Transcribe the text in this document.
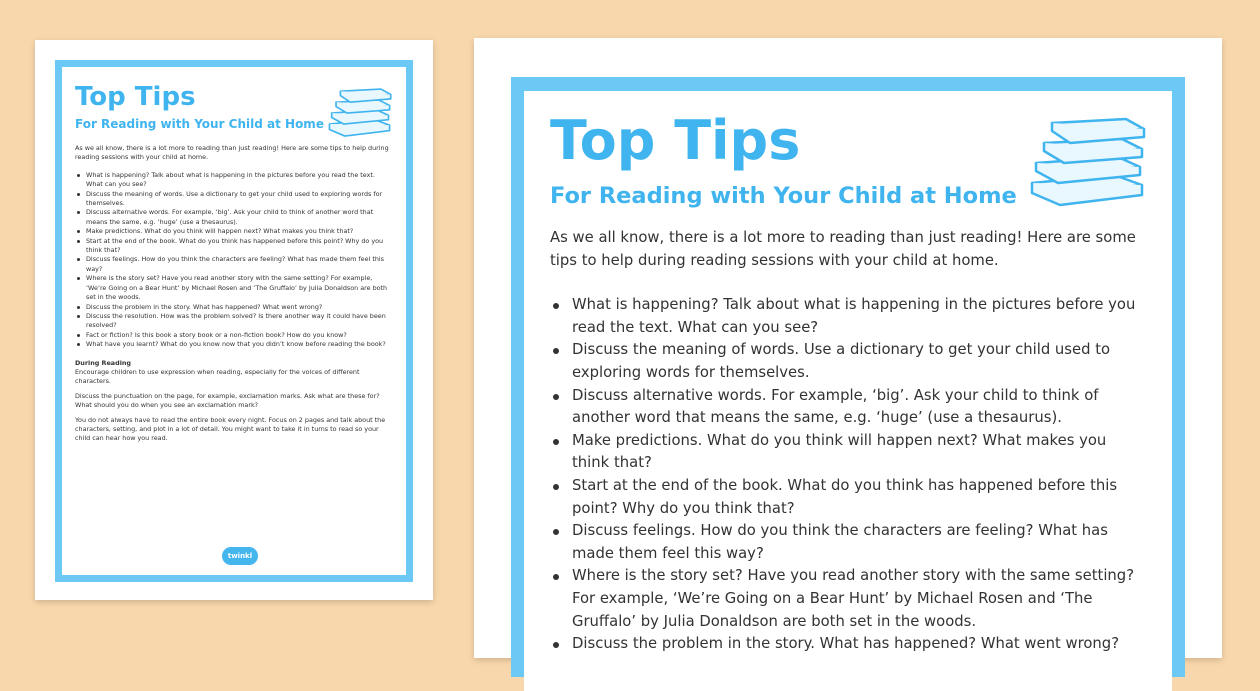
Top Tips
For Reading with Your Child at Home

As we all know, there is a lot more to reading than just reading! Here are some tips to help during reading sessions with your child at home.

What is happening? Talk about what is happening in the pictures before you read the text. What can you see?
Discuss the meaning of words. Use a dictionary to get your child used to exploring words for themselves.
Discuss alternative words. For example, ‘big’. Ask your child to think of another word that means the same, e.g. ‘huge’ (use a thesaurus).
Make predictions. What do you think will happen next? What makes you think that?
Start at the end of the book. What do you think has happened before this point? Why do you think that?
Discuss feelings. How do you think the characters are feeling? What has made them feel this way?
Where is the story set? Have you read another story with the same setting? For example, ‘We’re Going on a Bear Hunt’ by Michael Rosen and ‘The Gruffalo’ by Julia Donaldson are both set in the woods.
Discuss the problem in the story. What has happened? What went wrong?
Discuss the resolution. How was the problem solved? Is there another way it could have been resolved?
Fact or fiction? Is this book a story book or a non-fiction book? How do you know?
What have you learnt? What do you know now that you didn’t know before reading the book?

During Reading

Encourage children to use expression when reading, especially for the voices of different characters.

Discuss the punctuation on the page, for example, exclamation marks. Ask what are these for? What should you do when you see an exclamation mark?

You do not always have to read the entire book every night. Focus on 2 pages and talk about the characters, setting, and plot in a lot of detail. You might want to take it in turns to read so your child can hear how you read.

twinkl
Top Tips
For Reading with Your Child at Home

As we all know, there is a lot more to reading than just reading! Here are some tips to help during reading sessions with your child at home.

What is happening? Talk about what is happening in the pictures before you read the text. What can you see?
Discuss the meaning of words. Use a dictionary to get your child used to exploring words for themselves.
Discuss alternative words. For example, ‘big’. Ask your child to think of another word that means the same, e.g. ‘huge’ (use a thesaurus).
Make predictions. What do you think will happen next? What makes you think that?
Start at the end of the book. What do you think has happened before this point? Why do you think that?
Discuss feelings. How do you think the characters are feeling? What has made them feel this way?
Where is the story set? Have you read another story with the same setting? For example, ‘We’re Going on a Bear Hunt’ by Michael Rosen and ‘The Gruffalo’ by Julia Donaldson are both set in the woods.
Discuss the problem in the story. What has happened? What went wrong?
